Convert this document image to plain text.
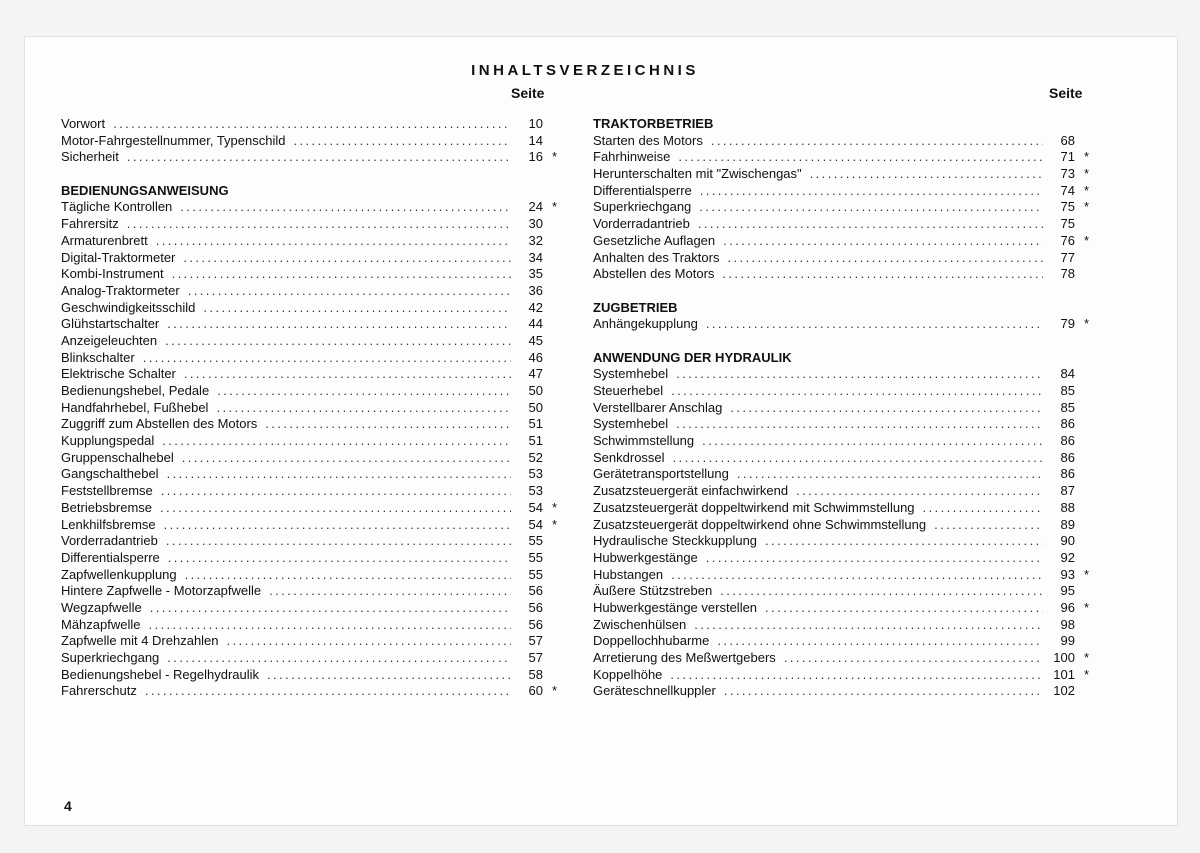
INHALTSVERZEICHNIS
Seite	Seite
Vorwort .....	10
Motor-Fahrgestellnummer, Typenschild .....	14
Sicherheit .....	16 *
BEDIENUNGSANWEISUNG
Tägliche Kontrollen .....	24 *
Fahrersitz .....	30
Armaturenbrett .....	32
Digital-Traktormeter .....	34
Kombi-Instrument .....	35
Analog-Traktormeter .....	36
Geschwindigkeitsschild .....	42
Glühstartschalter .....	44
Anzeigeleuchten .....	45
Blinkschalter .....	46
Elektrische Schalter .....	47
Bedienungshebel, Pedale .....	50
Handfahrhebel, Fußhebel .....	50
Zuggriff zum Abstellen des Motors .....	51
Kupplungspedal .....	51
Gruppenschalhebel .....	52
Gangschalthebel .....	53
Feststellbremse .....	53
Betriebsbremse .....	54 *
Lenkhilfsbremse .....	54 *
Vorderradantrieb .....	55
Differentialsperre .....	55
Zapfwellenkupplung .....	55
Hintere Zapfwelle - Motorzapfwelle .....	56
Wegzapfwelle .....	56
Mähzapfwelle .....	56
Zapfwelle mit 4 Drehzahlen .....	57
Superkriechgang .....	57
Bedienungshebel - Regelhydraulik .....	58
Fahrerschutz .....	60 *
TRAKTORBETRIEB
Starten des Motors .....	68
Fahrhinweise .....	71 *
Herunterschalten mit "Zwischengas" .....	73 *
Differentialsperre .....	74 *
Superkriechgang .....	75 *
Vorderradantrieb .....	75
Gesetzliche Auflagen .....	76 *
Anhalten des Traktors .....	77
Abstellen des Motors .....	78
ZUGBETRIEB
Anhängekupplung .....	79 *
ANWENDUNG DER HYDRAULIK
Systemhebel .....	84
Steuerhebel .....	85
Verstellbarer Anschlag .....	85
Systemhebel .....	86
Schwimmstellung .....	86
Senkdrossel .....	86
Gerätetransportstellung .....	86
Zusatzsteuergerät einfachwirkend .....	87
Zusatzsteuergerät doppeltwirkend mit Schwimmstellung .....	88
Zusatzsteuergerät doppeltwirkend ohne Schwimmstellung .....	89
Hydraulische Steckkupplung .....	90
Hubwerkgestänge .....	92
Hubstangen .....	93 *
Äußere Stützstreben .....	95
Hubwerkgestänge verstellen .....	96 *
Zwischenhülsen .....	98
Doppellochhubarme .....	99
Arretierung des Meßwertgebers .....	100 *
Koppelhöhe .....	101 *
Geräteschnellkuppler .....	102
4
